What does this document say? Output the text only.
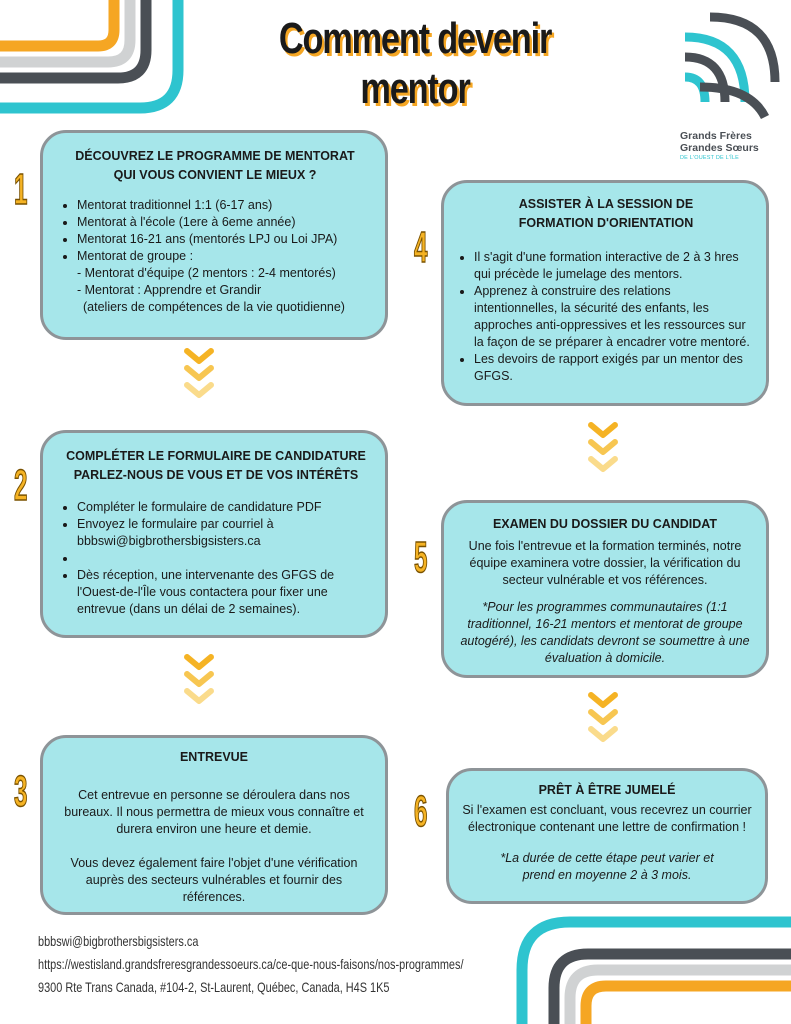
Comment devenir mentor
Grands Frères
Grandes Sœurs
DE L'OUEST DE L'ÎLE
1
DÉCOUVREZ LE PROGRAMME DE MENTORAT
QUI VOUS CONVIENT LE MIEUX ?
• Mentorat traditionnel 1:1 (6-17 ans)
• Mentorat à l'école (1ere à 6eme année)
• Mentorat 16-21 ans (mentorés LPJ ou Loi JPA)
• Mentorat de groupe :
- Mentorat d'équipe (2 mentors : 2-4 mentorés)
- Mentorat : Apprendre et Grandir
(ateliers de compétences de la vie quotidienne)
2
COMPLÉTER LE FORMULAIRE DE CANDIDATURE
PARLEZ-NOUS DE VOUS ET DE VOS INTÉRÊTS
• Compléter le formulaire de candidature PDF
• Envoyez le formulaire par courriel à bbbswi@bigbrothersbigsisters.ca
•
• Dès réception, une intervenante des GFGS de l'Ouest-de-l'Île vous contactera pour fixer une entrevue (dans un délai de 2 semaines).
3
ENTREVUE

Cet entrevue en personne se déroulera dans nos bureaux. Il nous permettra de mieux vous connaître et durera environ une heure et demie.

Vous devez également faire l'objet d'une vérification auprès des secteurs vulnérables et fournir des références.

4
ASSISTER À LA SESSION DE
FORMATION D'ORIENTATION
• Il s'agit d'une formation interactive de 2 à 3 hres qui précède le jumelage des mentors.
• Apprenez à construire des relations intentionnelles, la sécurité des enfants, les approches anti-oppressives et les ressources sur la façon de se préparer à encadrer votre mentoré.
• Les devoirs de rapport exigés par un mentor des GFGS.
5
EXAMEN DU DOSSIER DU CANDIDAT

Une fois l'entrevue et la formation terminés, notre équipe examinera votre dossier, la vérification du secteur vulnérable et vos références.

*Pour les programmes communautaires (1:1 traditionnel, 16-21 mentors et mentorat de groupe autogéré), les candidats devront se soumettre à une évaluation à domicile.

6	PRÊT À ÊTRE JUMELÉ

Si l'examen est concluant, vous recevrez un courrier électronique contenant une lettre de confirmation !

*La durée de cette étape peut varier et prend en moyenne 2 à 3 mois.

bbbswi@bigbrothersbigsisters.ca
https://westisland.grandsfreresgrandessoeurs.ca/ce-que-nous-faisons/nos-programmes/
9300 Rte Trans Canada, #104-2, St-Laurent, Québec, Canada, H4S 1K5
